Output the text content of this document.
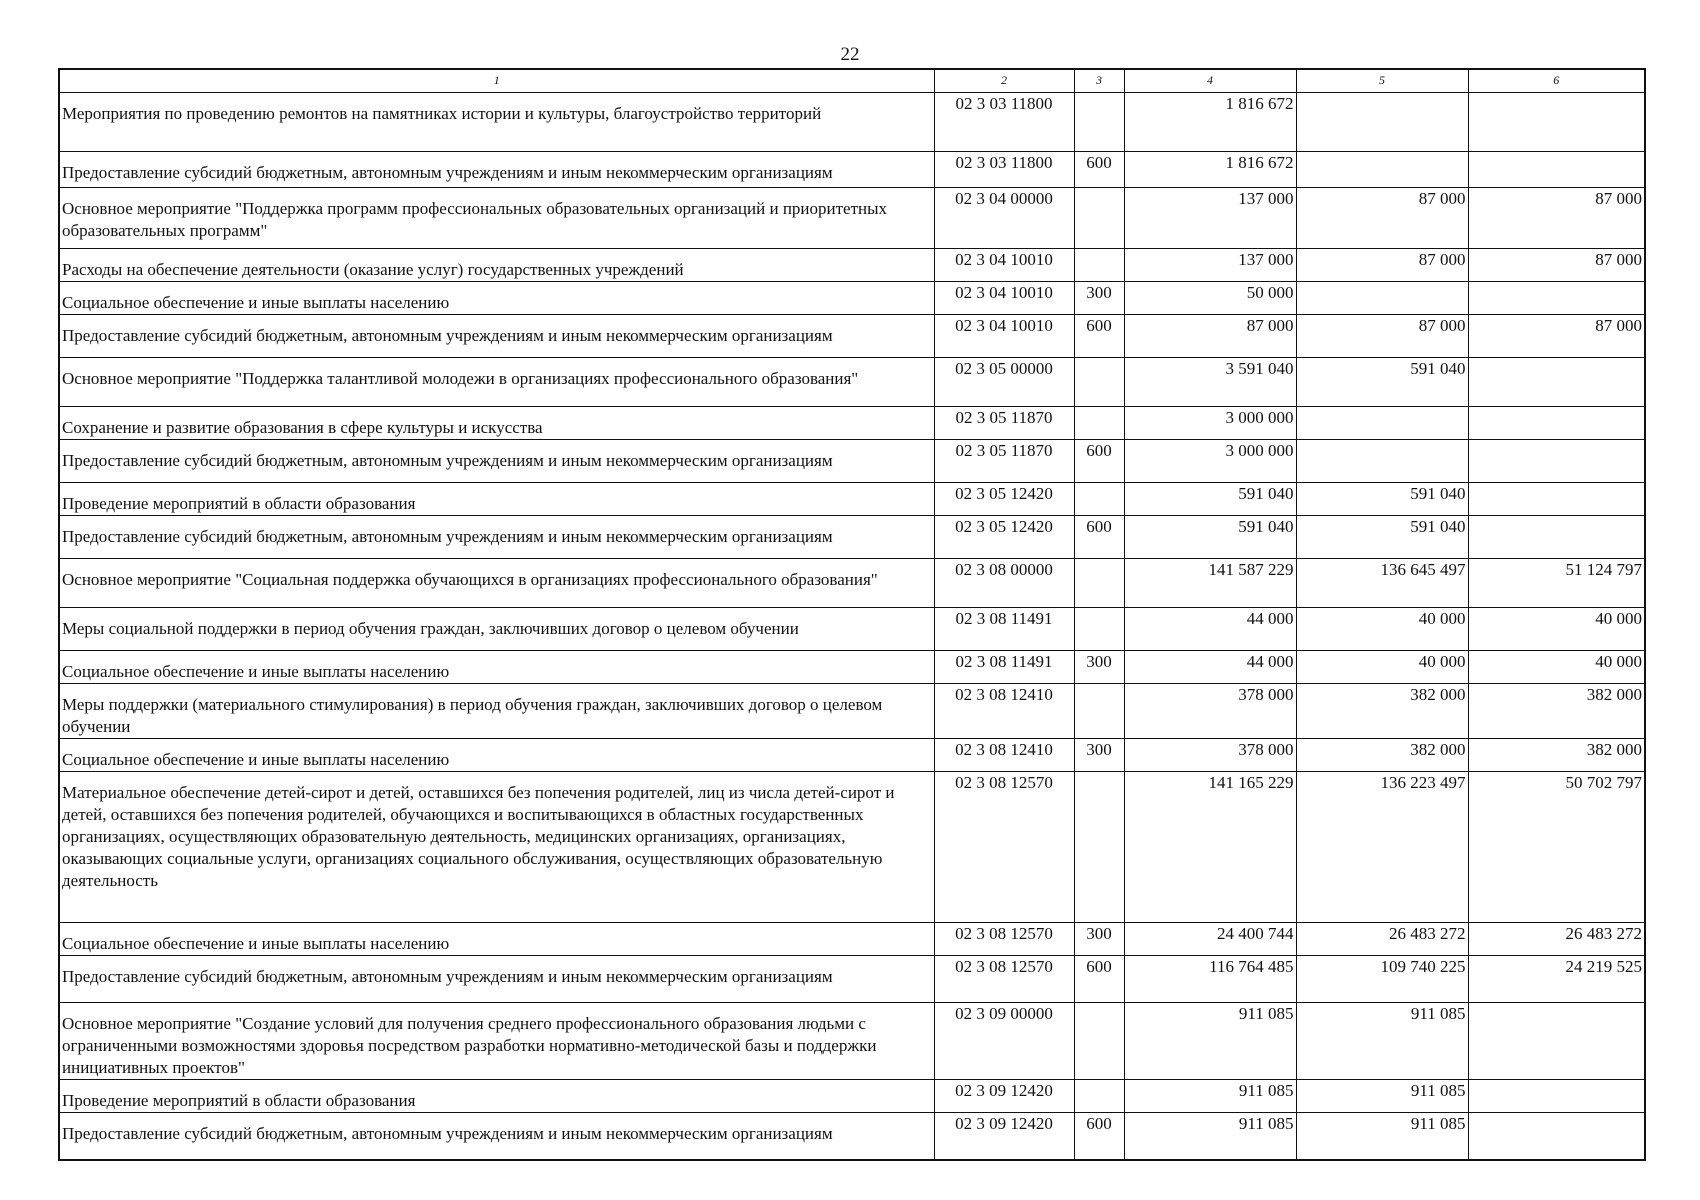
22
1	2	3	4	5	6

Мероприятия по проведению ремонтов на памятниках истории и культуры, благоустройство территорий	02 3 03 11800		1 816 672		

Предоставление субсидий бюджетным, автономным учреждениям и иным некоммерческим организациям	02 3 03 11800	600	1 816 672		

Основное мероприятие "Поддержка программ профессиональных образовательных организаций и приоритетных образовательных программ"	02 3 04 00000		137 000	87 000	87 000

Расходы на обеспечение деятельности (оказание услуг) государственных учреждений	02 3 04 10010		137 000	87 000	87 000

Социальное обеспечение и иные выплаты населению	02 3 04 10010	300	50 000		

Предоставление субсидий бюджетным, автономным учреждениям и иным некоммерческим организациям	02 3 04 10010	600	87 000	87 000	87 000

Основное мероприятие "Поддержка талантливой молодежи в организациях профессионального образования"	02 3 05 00000		3 591 040	591 040	

Сохранение и развитие образования в сфере культуры и искусства	02 3 05 11870		3 000 000		

Предоставление субсидий бюджетным, автономным учреждениям и иным некоммерческим организациям	02 3 05 11870	600	3 000 000		

Проведение мероприятий в области образования	02 3 05 12420		591 040	591 040	

Предоставление субсидий бюджетным, автономным учреждениям и иным некоммерческим организациям	02 3 05 12420	600	591 040	591 040	

Основное мероприятие "Социальная поддержка обучающихся в организациях профессионального образования"	02 3 08 00000		141 587 229	136 645 497	51 124 797

Меры социальной поддержки в период обучения граждан, заключивших договор о целевом обучении	02 3 08 11491		44 000	40 000	40 000

Социальное обеспечение и иные выплаты населению	02 3 08 11491	300	44 000	40 000	40 000

Меры поддержки (материального стимулирования) в период обучения граждан, заключивших договор о целевом обучении	02 3 08 12410		378 000	382 000	382 000

Социальное обеспечение и иные выплаты населению	02 3 08 12410	300	378 000	382 000	382 000

Материальное обеспечение детей-сирот и детей, оставшихся без попечения родителей, лиц из числа детей-сирот и детей, оставшихся без попечения родителей, обучающихся и воспитывающихся в областных государственных организациях, осуществляющих образовательную деятельность, медицинских организациях, организациях, оказывающих социальные услуги, организациях социального обслуживания, осуществляющих образовательную деятельность	02 3 08 12570		141 165 229	136 223 497	50 702 797

Социальное обеспечение и иные выплаты населению	02 3 08 12570	300	24 400 744	26 483 272	26 483 272

Предоставление субсидий бюджетным, автономным учреждениям и иным некоммерческим организациям	02 3 08 12570	600	116 764 485	109 740 225	24 219 525

Основное мероприятие "Создание условий для получения среднего профессионального образования людьми с ограниченными возможностями здоровья посредством разработки нормативно-методической базы и поддержки инициативных проектов"	02 3 09 00000		911 085	911 085	

Проведение мероприятий в области образования	02 3 09 12420		911 085	911 085	

Предоставление субсидий бюджетным, автономным учреждениям и иным некоммерческим организациям	02 3 09 12420	600	911 085	911 085	
